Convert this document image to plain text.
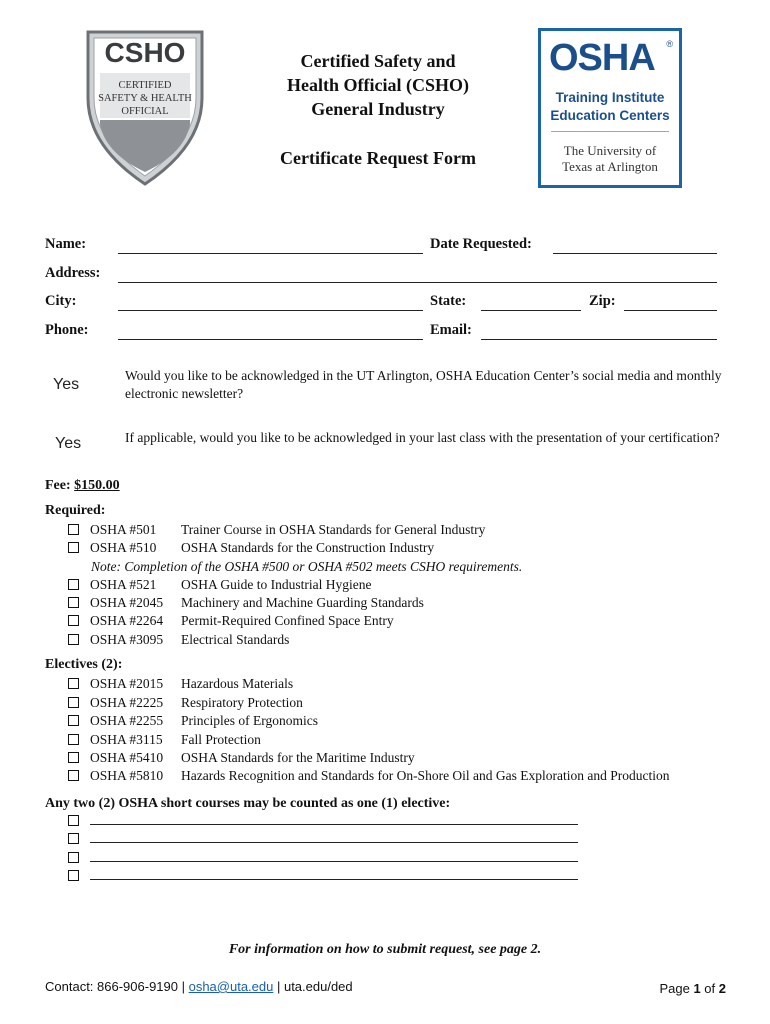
CSHO
CERTIFIED
SAFETY & HEALTH
OFFICIAL
Certified Safety and
Health Official (CSHO)
General Industry
Certificate Request Form
OSHA ®
Training Institute
Education Centers
The University of
Texas at Arlington
Name:	Date Requested:
Address:
City:	State:	Zip:
Phone:	Email:
Yes
Would you like to be acknowledged in the UT Arlington, OSHA Education Center’s social media and monthly electronic newsletter?
Yes	If applicable, would you like to be acknowledged in your last class with the presentation of your certification?
Fee: $150.00
Required:
OSHA #501 Trainer Course in OSHA Standards for General Industry
OSHA #510 OSHA Standards for the Construction Industry
Note: Completion of the OSHA #500 or OSHA #502 meets CSHO requirements.
OSHA #521 OSHA Guide to Industrial Hygiene
OSHA #2045 Machinery and Machine Guarding Standards
OSHA #2264 Permit-Required Confined Space Entry
OSHA #3095 Electrical Standards
Electives (2):
OSHA #2015 Hazardous Materials
OSHA #2225 Respiratory Protection
OSHA #2255 Principles of Ergonomics
OSHA #3115 Fall Protection
OSHA #5410 OSHA Standards for the Maritime Industry
OSHA #5810 Hazards Recognition and Standards for On-Shore Oil and Gas Exploration and Production
Any two (2) OSHA short courses may be counted as one (1) elective:
For information on how to submit request, see page 2.
Contact: 866-906-9190 | osha@uta.edu | uta.edu/ded	Page 1 of 2
